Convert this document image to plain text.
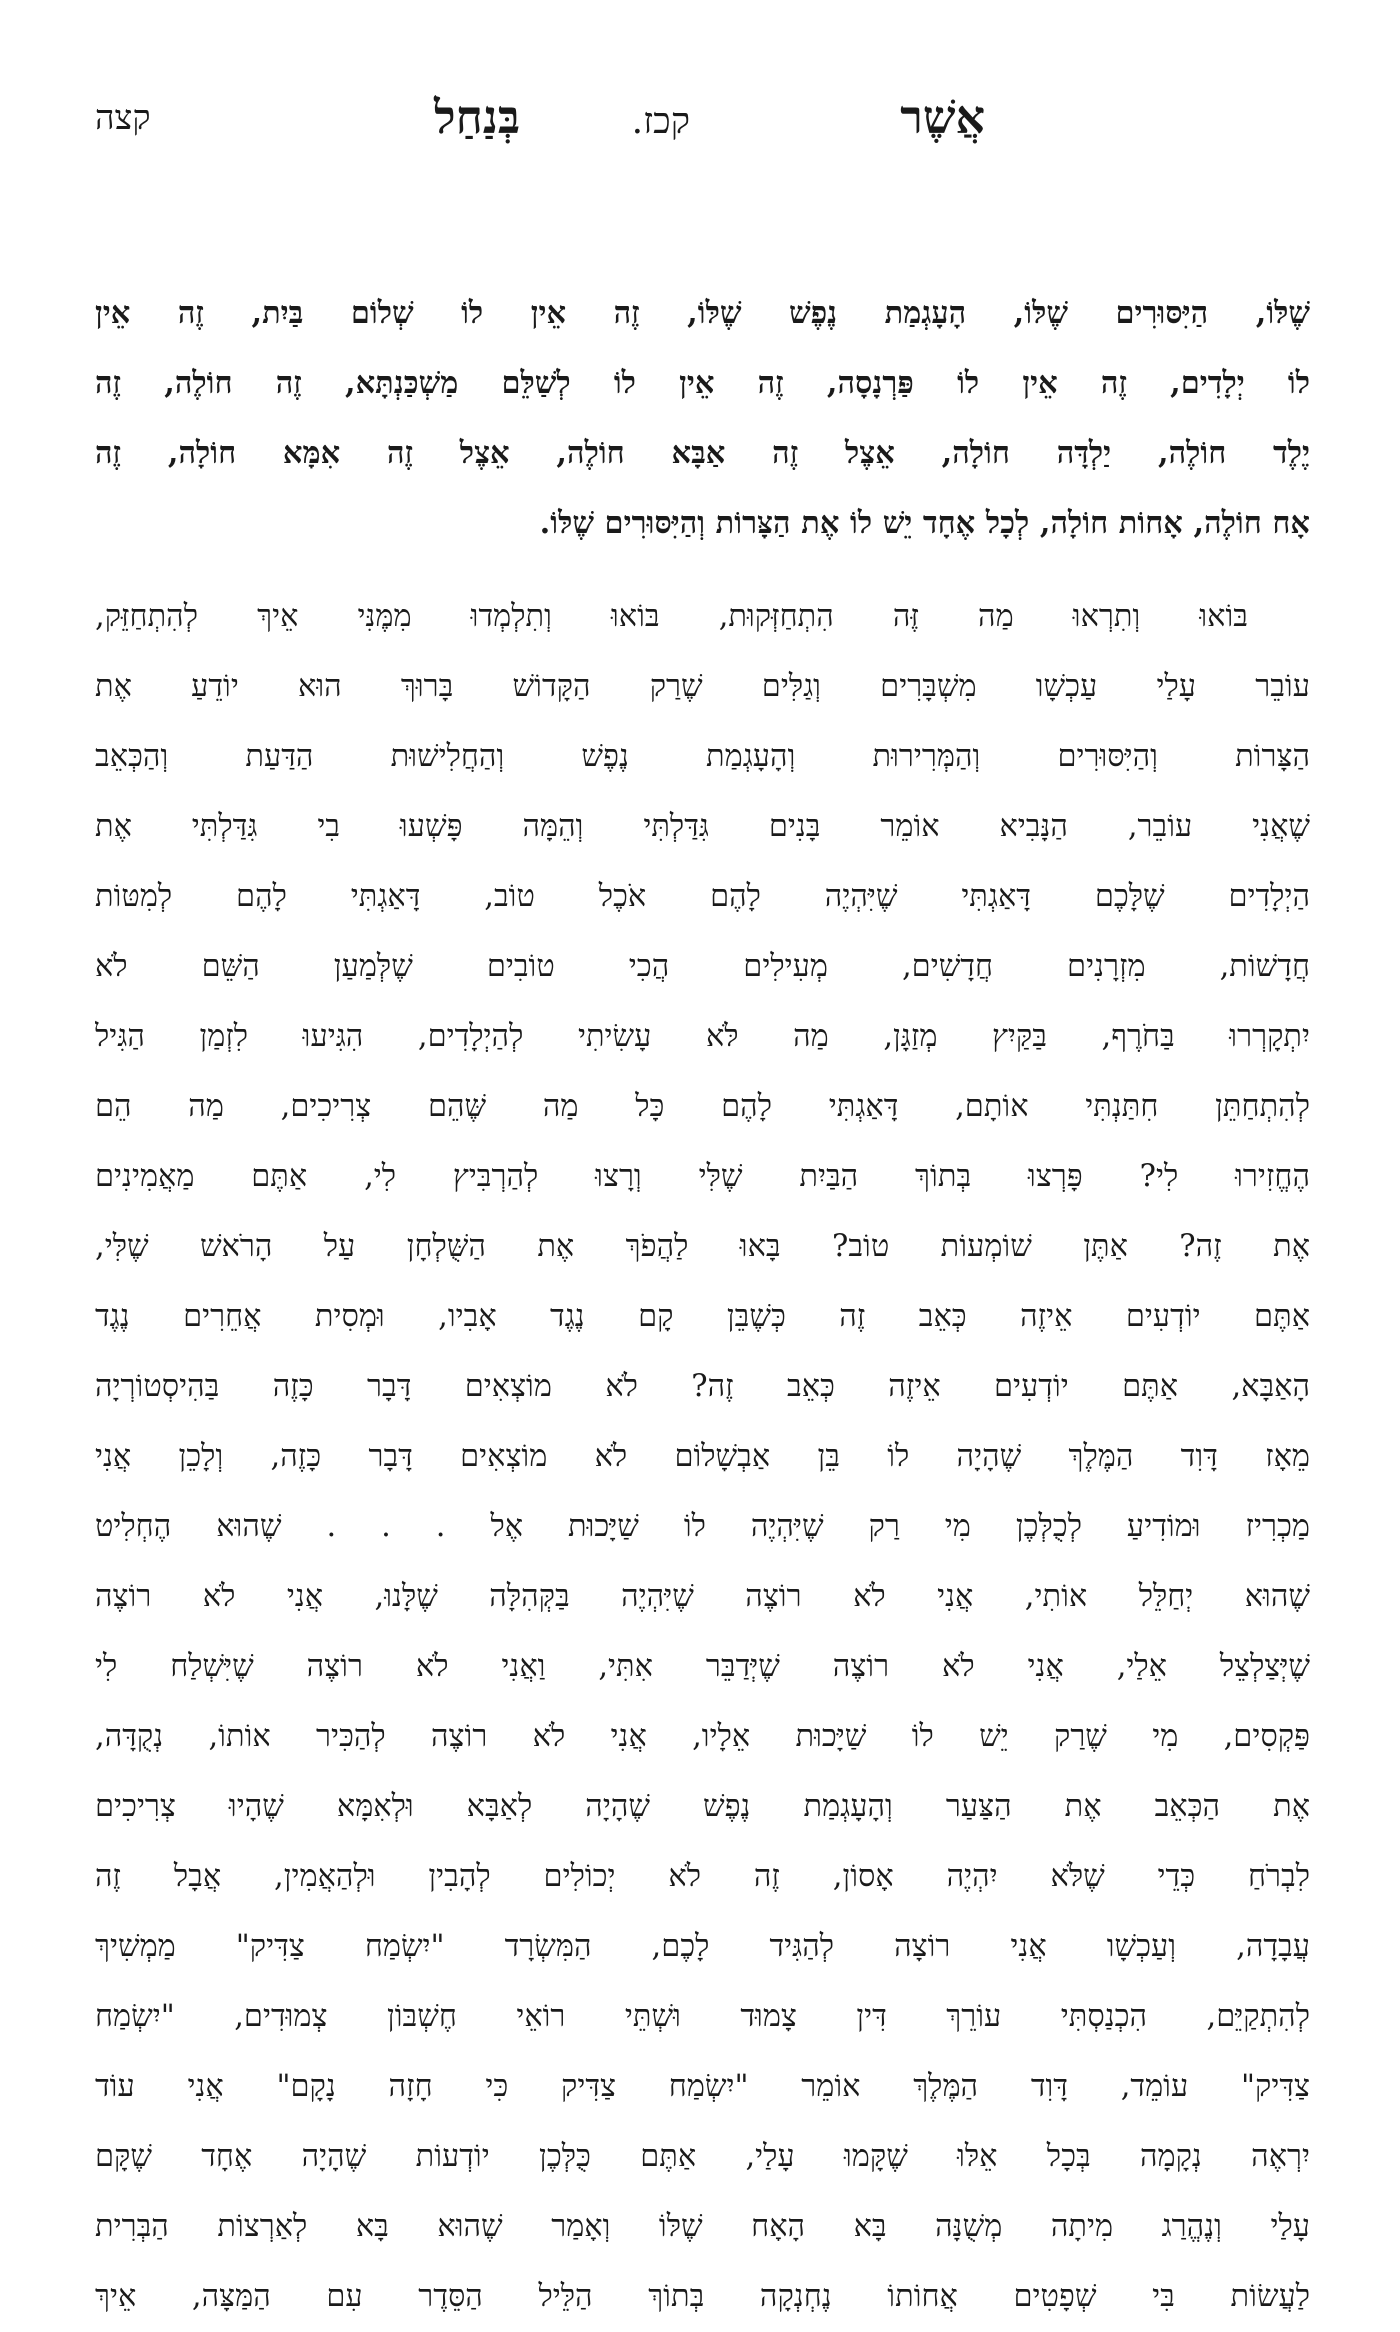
אֲשֶׁר
קכז.
בְּנַחַל
קצה
שֶׁלּוֹ, הַיִּסּוּרִים שֶׁלּוֹ, הָעָגְמַת נֶפֶשׁ שֶׁלּוֹ, זֶה אֵין לוֹ שְׁלוֹם בַּיִת, זֶה אֵין
לוֹ יְלָדִים, זֶה אֵין לוֹ פַּרְנָסָה, זֶה אֵין לוֹ לְשַׁלֵּם מַשְׁכַּנְתָּא, זֶה חוֹלֶה, זֶה
יֶלֶד חוֹלֶה, יַלְדָּה חוֹלָה, אֵצֶל זֶה אַבָּא חוֹלֶה, אֵצֶל זֶה אִמָּא חוֹלָה, זֶה
אָח חוֹלֶה, אָחוֹת חוֹלָה, לְכָל אֶחָד יֵשׁ לוֹ אֶת הַצָּרוֹת וְהַיִּסּוּרִים שֶׁלּוֹ.
בּוֹאוּ וְתִרְאוּ מַה זֶּה הִתְחַזְּקוּת, בּוֹאוּ וְתִלְמְדוּ מִמֶּנִּי אֵיךְ לְהִתְחַזֵּק,
עוֹבֵר עָלַי עַכְשָׁו מִשְׁבָּרִים וְגַלִּים שֶׁרַק הַקָּדוֹשׁ בָּרוּךְ הוּא יוֹדֵעַ אֶת
הַצָּרוֹת וְהַיִּסּוּרִים וְהַמְּרִירוּת וְהָעָגְמַת נֶפֶשׁ וְהַחֲלִישׁוּת הַדַּעַת וְהַכְּאֵב
שֶׁאֲנִי עוֹבֵר, הַנָּבִיא אוֹמֵר בָּנִים גִּדַּלְתִּי וְהֵמָּה פָּשְׁעוּ בִי גִּדַּלְתִּי אֶת
הַיְלָדִים שֶׁלָּכֶם דָּאַגְתִּי שֶׁיִּהְיֶה לָהֶם אֹכֶל טוֹב, דָּאַגְתִּי לָהֶם לְמִטּוֹת
חֲדָשׁוֹת, מִזְרָנִים חֲדָשִׁים, מְעִילִים הֲכִי טוֹבִים שֶׁלְּמַעַן הַשֵּׁם לֹא
יִתְקָרְרוּ בַּחֹרֶף, בַּקַּיִץ מְזַגָּן, מַה לֹּא עָשִׂיתִי לְהַיְלָדִים, הִגִּיעוּ לִזְמַן הַגִּיל
לְהִתְחַתֵּן חִתַּנְתִּי אוֹתָם, דָּאַגְתִּי לָהֶם כָּל מַה שֶּׁהֵם צְרִיכִים, מַה הֵם
הֶחֱזִירוּ לִי? פָּרְצוּ בְּתוֹךְ הַבַּיִת שֶׁלִּי וְרָצוּ לְהַרְבִּיץ לִי, אַתֶּם מַאֲמִינִים
אֶת זֶה? אַתֶּן שׁוֹמְעוֹת טוֹב? בָּאוּ לַהֲפֹךְ אֶת הַשֻּׁלְחָן עַל הָרֹאשׁ שֶׁלִּי,
אַתֶּם יוֹדְעִים אֵיזֶה כְּאֵב זֶה כְּשֶׁבֵּן קָם נֶגֶד אָבִיו, וּמְסִית אֲחֵרִים נֶגֶד
הָאַבָּא, אַתֶּם יוֹדְעִים אֵיזֶה כְּאֵב זֶה? לֹא מוֹצְאִים דָּבָר כָּזֶה בַּהִיסְטוֹרְיָה
מֵאָז דָּוִד הַמֶּלֶךְ שֶׁהָיָה לוֹ בֵּן אַבְשָׁלוֹם לֹא מוֹצְאִים דָּבָר כָּזֶה, וְלָכֵן אֲנִי
מַכְרִיז וּמוֹדִיעַ לְכֻלְּכֶן מִי רַק שֶׁיִּהְיֶה לוֹ שַׁיָּכוּת אֶל . . . שֶׁהוּא הֶחְלִיט
שֶׁהוּא יְחַלֵּל אוֹתִי, אֲנִי לֹא רוֹצֶה שֶׁיִּהְיֶה בַּקְּהִלָּה שֶׁלָּנוּ, אֲנִי לֹא רוֹצֶה
שֶׁיְּצַלְצֵל אֵלַי, אֲנִי לֹא רוֹצֶה שֶׁיְּדַבֵּר אִתִּי, וַאֲנִי לֹא רוֹצֶה שֶׁיִּשְׁלַח לִי
פַּקְסִים, מִי שֶׁרַק יֵשׁ לוֹ שַׁיָּכוּת אֵלָיו, אֲנִי לֹא רוֹצֶה לְהַכִּיר אוֹתוֹ, נְקֻדָּה,
אֶת הַכְּאֵב אֶת הַצַּעַר וְהָעָגְמַת נֶפֶשׁ שֶׁהָיָה לְאַבָּא וּלְאִמָּא שֶׁהָיוּ צְרִיכִים
לִבְרֹחַ כְּדֵי שֶׁלֹּא יִהְיֶה אָסוֹן, זֶה לֹא יְכוֹלִים לְהָבִין וּלְהַאֲמִין, אֲבָל זֶה
עֲבָדָה, וְעַכְשָׁו אֲנִי רוֹצָה לְהַגִּיד לָכֶם, הַמִּשְׂרָד "יִשְׂמַח צַדִּיק" מַמְשִׁיךְ
לְהִתְקַיֵּם, הִכְנַסְתִּי עוֹרֵךְ דִּין צָמוּד וּשְׁתֵּי רוֹאֵי חֶשְׁבּוֹן צְמוּדִים, "יִשְׂמַח
צַדִּיק" עוֹמֵד, דָּוִד הַמֶּלֶךְ אוֹמֵר "יִשְׂמַח צַדִּיק כִּי חָזָה נָקָם" אֲנִי עוֹד
יִרְאֶה נְקָמָה בְּכָל אֵלּוּ שֶׁקָּמוּ עָלַי, אַתֶּם כֻּלְּכֶן יוֹדְעוֹת שֶׁהָיָה אֶחָד שֶׁקָּם
עָלַי וְנֶהֱרַג מִיתָה מְשֻׁנָּה בָּא הָאָח שֶׁלּוֹ וְאָמַר שֶׁהוּא בָּא לְאַרְצוֹת הַבְּרִית
לַעֲשׂוֹת בִּי שְׁפָטִים אֲחוֹתוֹ נֶחְנְקָה בְּתוֹךְ הַלֵּיל הַסֵּדֶר עִם הַמַּצָּה, אֵיךְ
